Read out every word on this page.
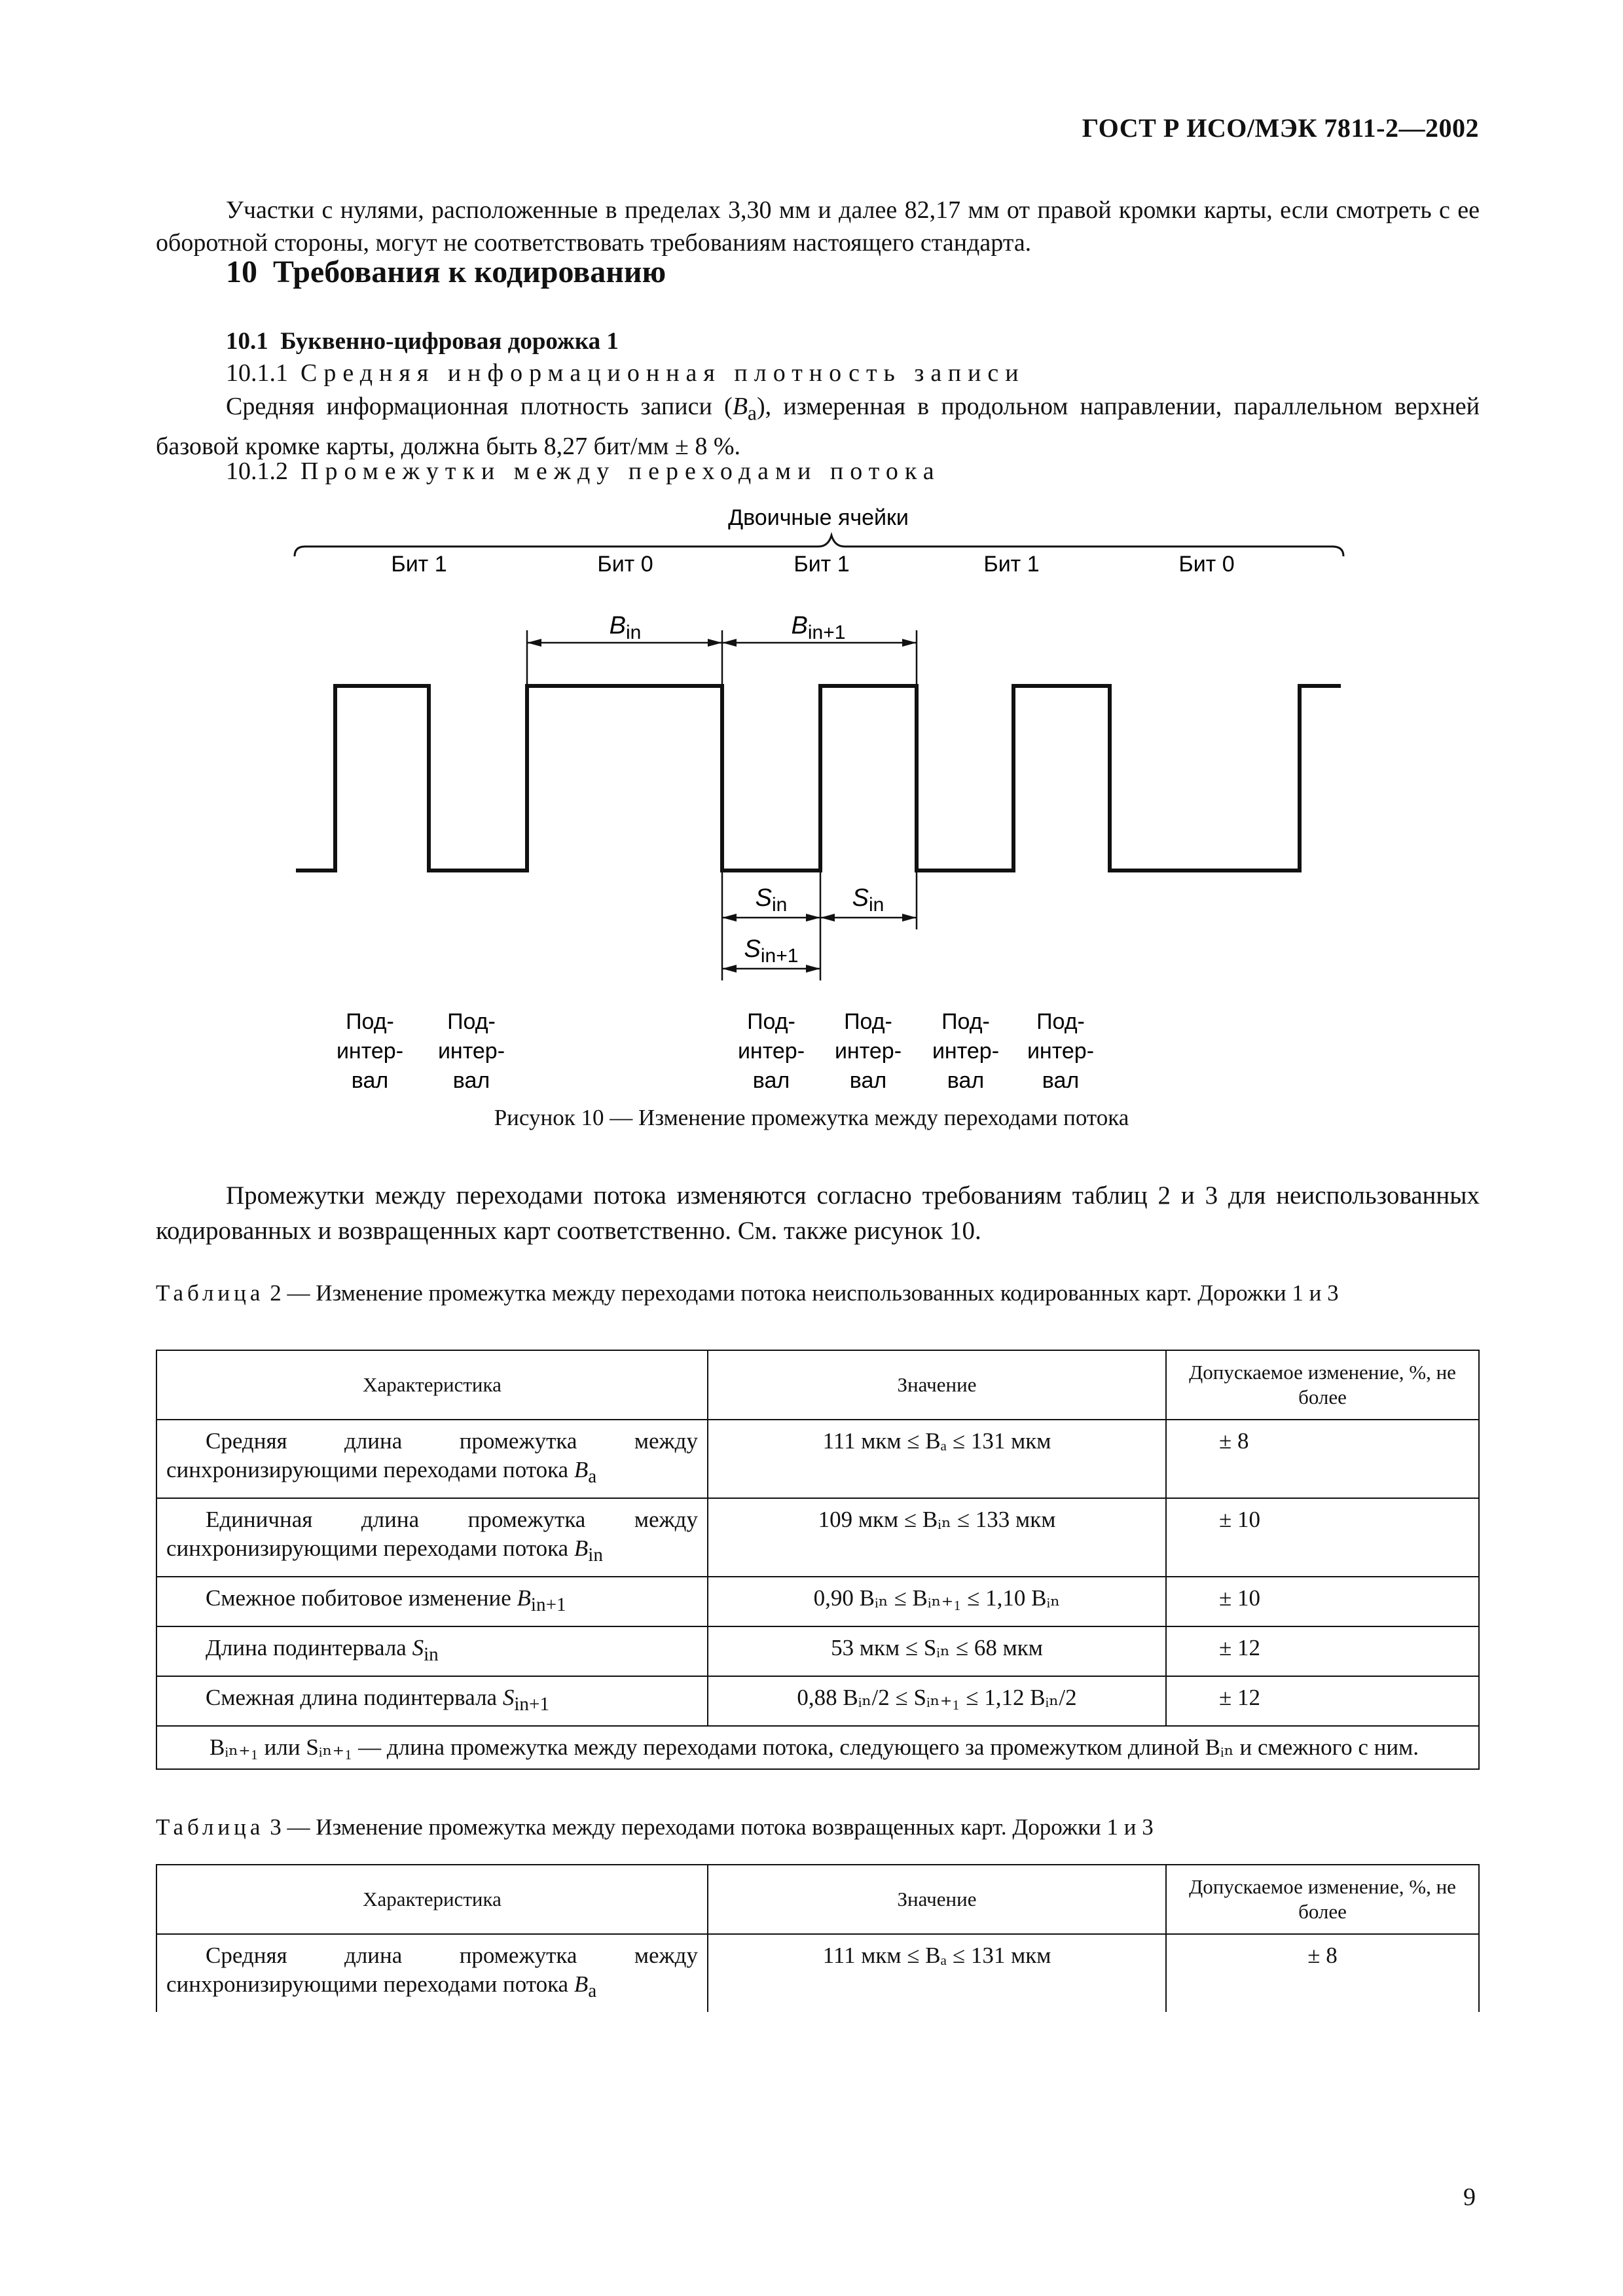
ГОСТ Р ИСО/МЭК 7811-2—2002
Участки с нулями, расположенные в пределах 3,30 мм и далее 82,17 мм от правой кромки карты, если смотреть с ее оборотной стороны, могут не соответствовать требованиям настоящего стандарта.
10 Требования к кодированию
10.1 Буквенно-цифровая дорожка 1
10.1.1 Средняя информационная плотность записи
Средняя информационная плотность записи $(B_a)$, измеренная в продольном направлении, параллельном верхней базовой кромке карты, должна быть 8,27 бит/мм ± 8 %.
10.1.2 Промежутки между переходами потока
Двоичные ячейки
Бит 1	Бит 0	Бит 1	Бит 1	Бит 0
$B_{in}$	$B_{in+1}$
$S_{in}$	$S_{in}$
$S_{in+1}$
Под-
интер-
вал
Под-
интер-
вал
Под-
интер-
вал
Под-
интер-
вал
Под-
интер-
вал
Под-
интер-
вал
Рисунок 10 — Изменение промежутка между переходами потока
Промежутки между переходами потока изменяются согласно требованиям таблиц 2 и 3 для неиспользованных кодированных и возвращенных карт соответственно. См. также рисунок 10.
Таблица 2 — Изменение промежутка между переходами потока неиспользованных кодированных карт. Дорожки 1 и 3
Характеристика	Значение	Допускаемое изменение, %, не более

Средняя длина промежутка между синхронизирующими переходами потока $B_a$	111 мкм ≤ Bₐ ≤ 131 мкм	± 8

Единичная длина промежутка между синхронизирующими переходами потока $B_{in}$	109 мкм ≤ Bᵢₙ ≤ 133 мкм	± 10

Смежное побитовое изменение $B_{in+1}$	0,90 Bᵢₙ ≤ Bᵢₙ₊₁ ≤ 1,10 Bᵢₙ	± 10

Длина подинтервала $S_{in}$	53 мкм ≤ Sᵢₙ ≤ 68 мкм	± 12

Смежная длина подинтервала $S_{in+1}$	0,88 Bᵢₙ/2 ≤ Sᵢₙ₊₁ ≤ 1,12 Bᵢₙ/2	± 12
Bᵢₙ₊₁ или Sᵢₙ₊₁ — длина промежутка между переходами потока, следующего за промежутком длиной Bᵢₙ и смежного с ним.		
Таблица 3 — Изменение промежутка между переходами потока возвращенных карт. Дорожки 1 и 3
Характеристика	Значение	Допускаемое изменение, %, не более

Средняя длина промежутка между синхронизирующими переходами потока $B_a$	111 мкм ≤ Bₐ ≤ 131 мкм	± 8
9
